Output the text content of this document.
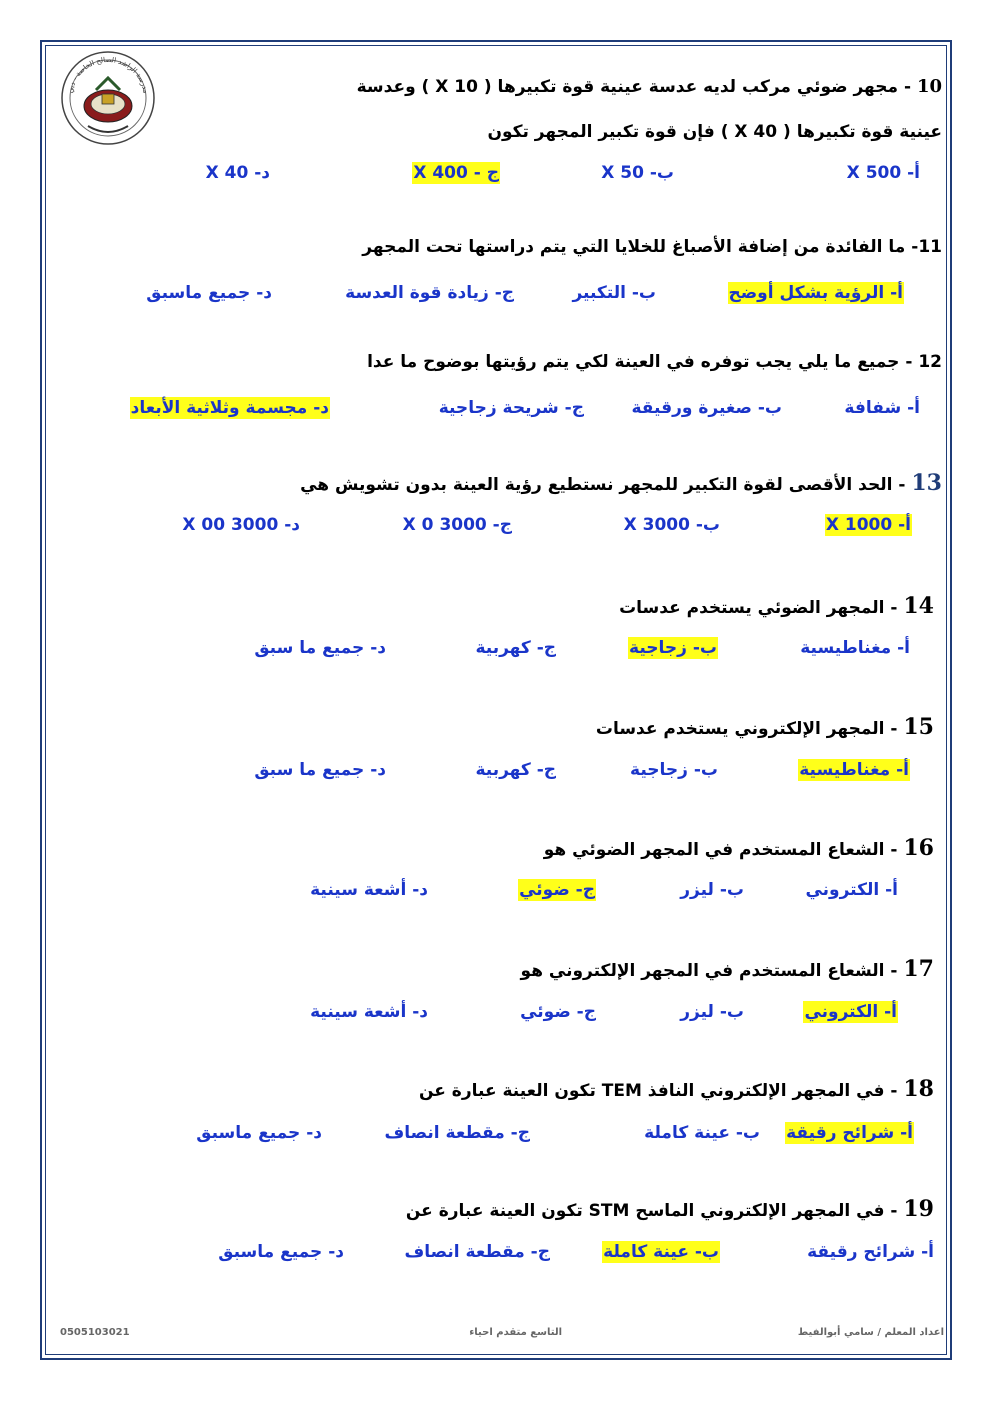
مدرسة الراشد الصالح الخاصة - دبي	10 - مجهر ضوئي مركب لديه عدسة عينية قوة تكبيرها ( 10 X ) وعدسة
عينية قوة تكبيرها ( 40 X ) فإن قوة تكبير المجهر تكون
أ- 500 X
ب- 50 X
ج - 400 X
د- 40 X
11- ما الفائدة من إضافة الأصباغ للخلايا التي يتم دراستها تحت المجهر
أ- الرؤية بشكل أوضح
ب- التكبير
ج- زيادة قوة العدسة
د- جميع ماسبق
12 - جميع ما يلي يجب توفره في العينة لكي يتم رؤيتها بوضوح ما عدا
أ- شفافة
ب- صغيرة ورقيقة
ج- شريحة زجاجية
د- مجسمة وثلاثية الأبعاد
13 - الحد الأقصى لقوة التكبير للمجهر نستطيع رؤية العينة بدون تشويش هي
أ- 1000 X
ب- 3000 X
ج- 3000 0 X
د- 3000 00 X
14 - المجهر الضوئي يستخدم عدسات
أ- مغناطيسية
ب- زجاجية
ج- كهربية
د- جميع ما سبق
15 - المجهر الإلكتروني يستخدم عدسات
أ- مغناطيسية
ب- زجاجية
ج- كهربية
د- جميع ما سبق
16 - الشعاع المستخدم في المجهر الضوئي هو
أ- الكتروني
ب- ليزر
ج- ضوئي
د- أشعة سينية
17 - الشعاع المستخدم في المجهر الإلكتروني هو
أ- الكتروني
ب- ليزر
ج- ضوئي
د- أشعة سينية
18 - في المجهر الإلكتروني النافذ TEM تكون العينة عبارة عن
أ- شرائح رقيقة
ب- عينة كاملة
ج- مقطعة انصاف
د- جميع ماسبق
19 - في المجهر الإلكتروني الماسح STM تكون العينة عبارة عن
أ- شرائح رقيقة
ب- عينة كاملة
ج- مقطعة انصاف
د- جميع ماسبق
اعداد المعلم / سامي أبوالفيط
التاسع متقدم احياء
0505103021
